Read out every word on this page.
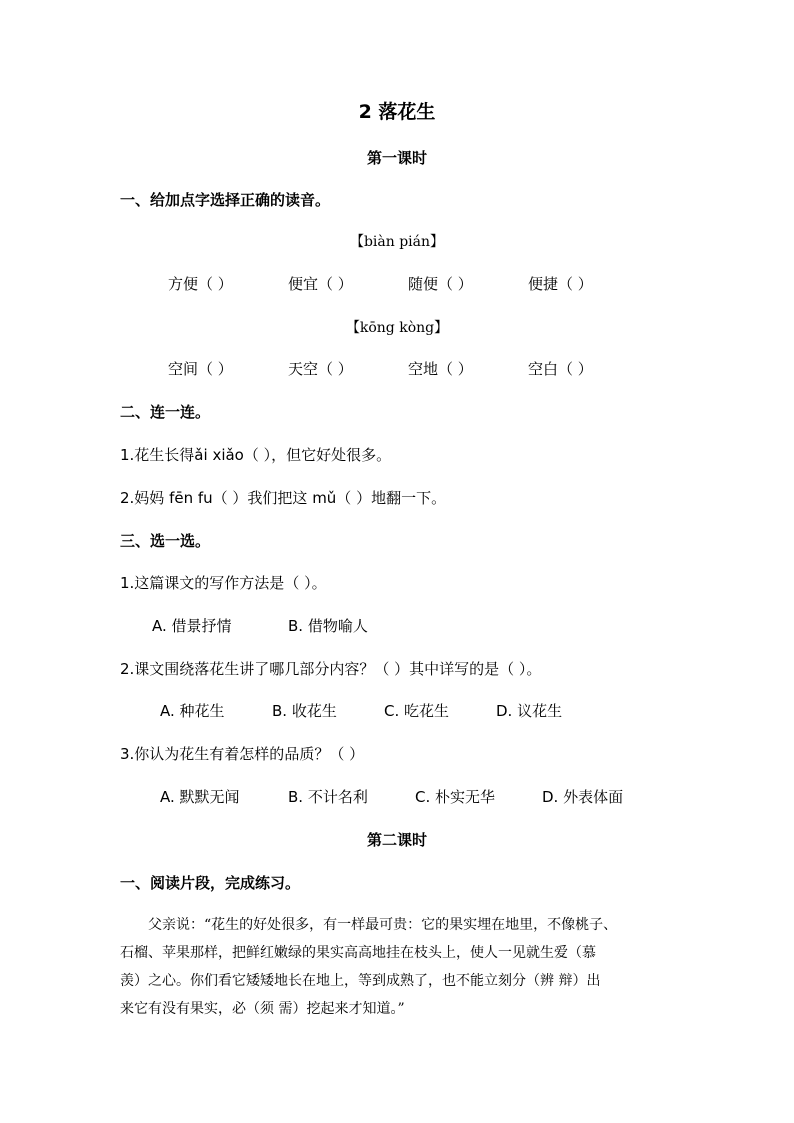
2 落花生
第一课时
一、给加点字选择正确的读音。
【biàn pián】
方便（ ）	便宜（ ）	随便（ ）	便捷（ ）
【kōng kòng】
空间（ ）	天空（ ）	空地（ ）	空白（ ）
二、连一连。
1.花生长得ǎi xiǎo（ ），但它好处很多。
2.妈妈 fēn fu（ ）我们把这 mǔ（ ）地翻一下。
三、选一选。
1.这篇课文的写作方法是（ ）。
A. 借景抒情	B. 借物喻人
2.课文围绕落花生讲了哪几部分内容？（ ）其中详写的是（ ）。
A. 种花生	B. 收花生	C. 吃花生	D. 议花生
3.你认为花生有着怎样的品质？（ ）
A. 默默无闻	B. 不计名利	C. 朴实无华	D. 外表体面
第二课时
一、阅读片段，完成练习。
父亲说：“花生的好处很多，有一样最可贵：它的果实埋在地里，不像桃子、
石榴、苹果那样，把鲜红嫩绿的果实高高地挂在枝头上，使人一见就生爱（慕
羡）之心。你们看它矮矮地长在地上，等到成熟了，也不能立刻分（辨 辩）出
来它有没有果实，必（须 需）挖起来才知道。”
